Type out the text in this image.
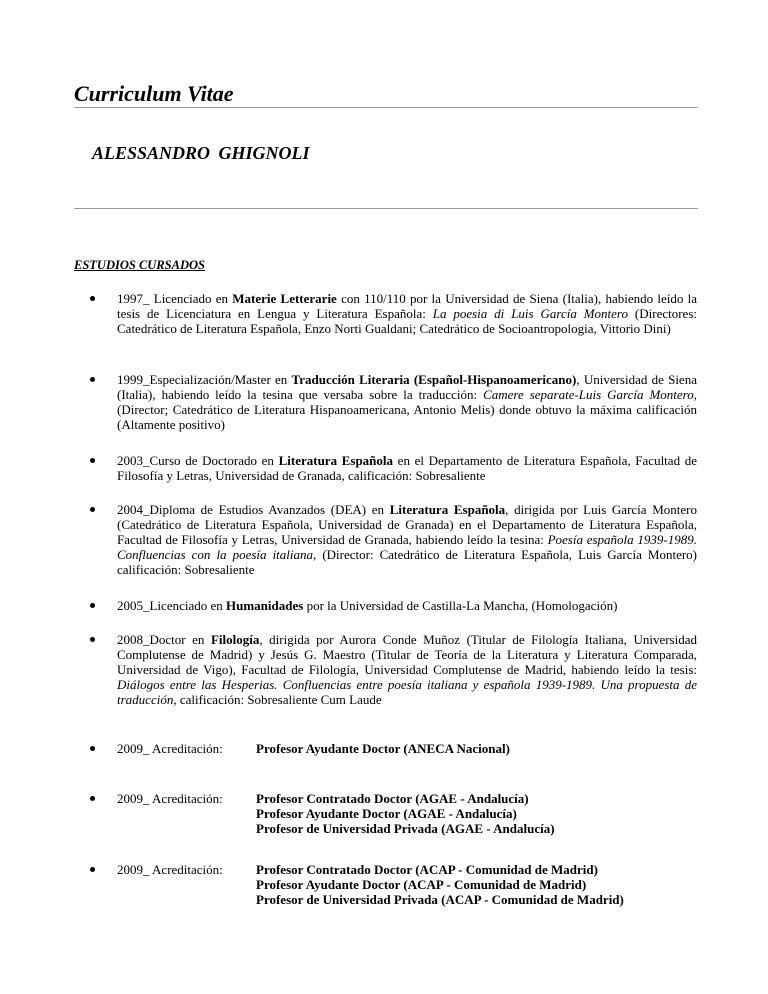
Curriculum Vitae
ALESSANDRO GHIGNOLI
ESTUDIOS CURSADOS
1997_ Licenciado en Materie Letterarie con 110/110 por la Universidad de Siena (Italia), habiendo leído la tesis de Licenciatura en Lengua y Literatura Española: La poesia di Luis García Montero (Directores: Catedrático de Literatura Española, Enzo Norti Gualdani; Catedrático de Socioantropologia, Vittorio Dini)
1999_Especialización/Master en Traducción Literaria (Español-Hispanoamericano), Universidad de Siena (Italia), habiendo leído la tesina que versaba sobre la traducción: Camere separate-Luis García Montero, (Director; Catedrático de Literatura Hispanoamericana, Antonio Melis) donde obtuvo la máxima calificación (Altamente positivo)
2003_Curso de Doctorado en Literatura Española en el Departamento de Literatura Española, Facultad de Filosofía y Letras, Universidad de Granada, calificación: Sobresaliente
2004_Diploma de Estudios Avanzados (DEA) en Literatura Española, dirigida por Luis García Montero (Catedrático de Literatura Española, Universidad de Granada) en el Departamento de Literatura Española, Facultad de Filosofía y Letras, Universidad de Granada, habiendo leído la tesina: Poesía española 1939-1989. Confluencias con la poesía italiana, (Director: Catedrático de Literatura Española, Luis García Montero) calificación: Sobresaliente
2005_Licenciado en Humanidades por la Universidad de Castilla-La Mancha, (Homologación)
2008_Doctor en Filología, dirigida por Aurora Conde Muñoz (Titular de Filología Italiana, Universidad Complutense de Madrid) y Jesús G. Maestro (Titular de Teoría de la Literatura y Literatura Comparada, Universidad de Vigo), Facultad de Filología, Universidad Complutense de Madrid, habiendo leído la tesis: Diálogos entre las Hesperias. Confluencias entre poesía italiana y española 1939-1989. Una propuesta de traducción, calificación: Sobresaliente Cum Laude
2009_ Acreditación:	Profesor Ayudante Doctor (ANECA Nacional)
2009_ Acreditación:	Profesor Contratado Doctor (AGAE - Andalucía)
Profesor Ayudante Doctor (AGAE - Andalucía)
Profesor de Universidad Privada (AGAE - Andalucía)
2009_ Acreditación:	Profesor Contratado Doctor (ACAP - Comunidad de Madrid)
Profesor Ayudante Doctor (ACAP - Comunidad de Madrid)
Profesor de Universidad Privada (ACAP - Comunidad de Madrid)
